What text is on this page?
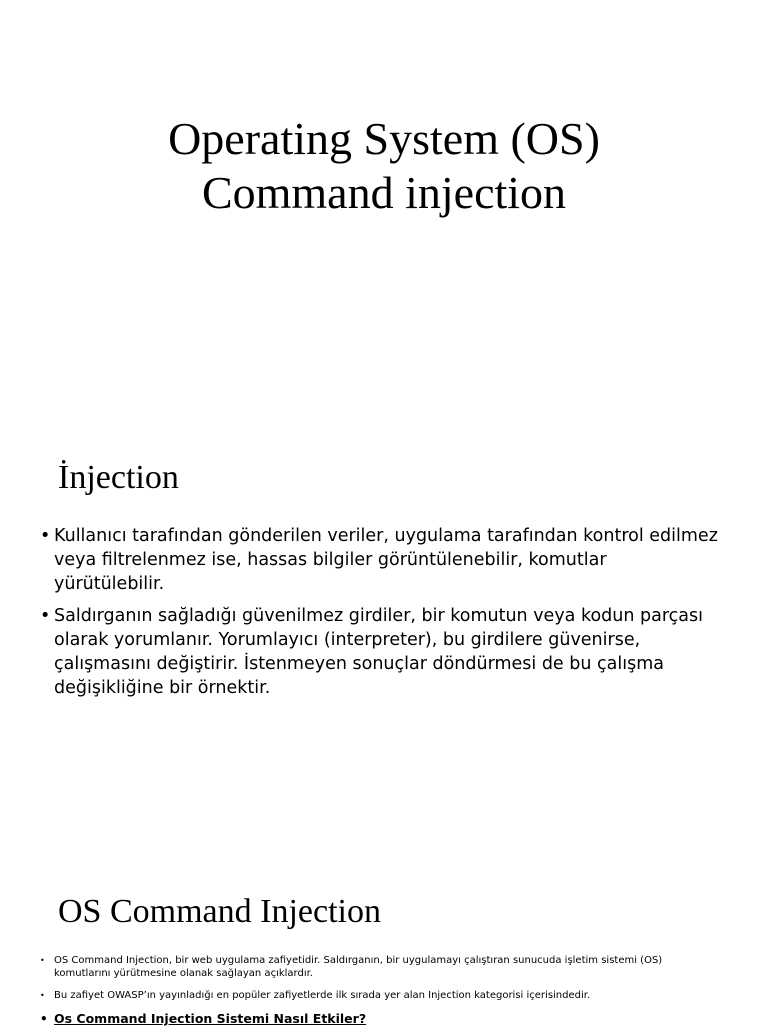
Operating System (OS)
Command injection
İnjection
• Kullanıcı tarafından gönderilen veriler, uygulama tarafından kontrol edilmez veya filtrelenmez ise, hassas bilgiler görüntülenebilir, komutlar yürütülebilir.
• Saldırganın sağladığı güvenilmez girdiler, bir komutun veya kodun parçası olarak yorumlanır. Yorumlayıcı (interpreter), bu girdilere güvenirse, çalışmasını değiştirir. İstenmeyen sonuçlar döndürmesi de bu çalışma değişikliğine bir örnektir.
OS Command Injection
• OS Command Injection, bir web uygulama zafiyetidir. Saldırganın, bir uygulamayı çalıştıran sunucuda işletim sistemi (OS) komutlarını yürütmesine olanak sağlayan açıklardır.
• Bu zafiyet OWASP’ın yayınladığı en popüler zafiyetlerde ilk sırada yer alan Injection kategorisi içerisindedir.
• Os Command Injection Sistemi Nasıl Etkiler?
